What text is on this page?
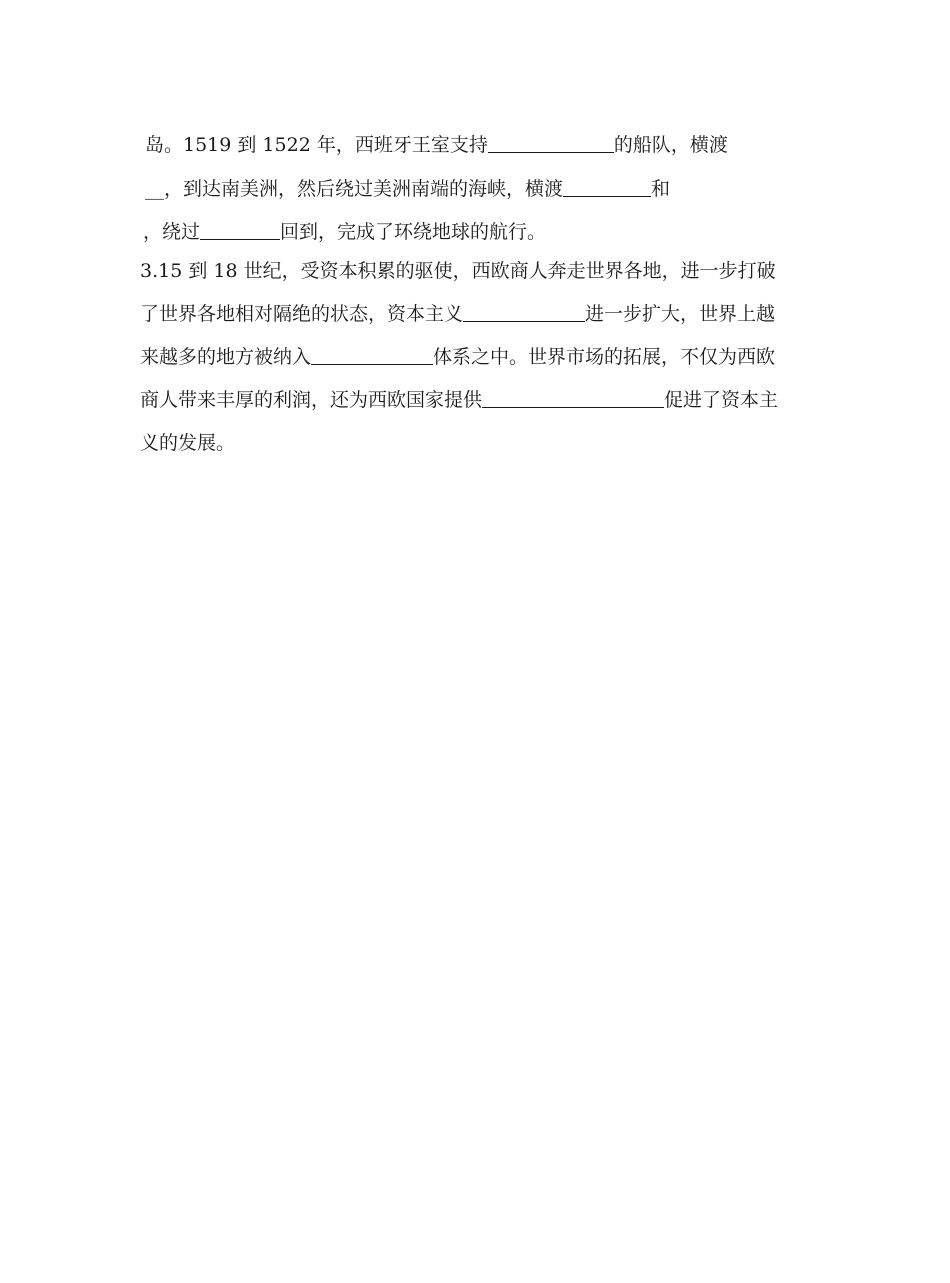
岛。1519 到 1522 年，西班牙王室支持	的船队，横渡
__，到达南美洲，然后绕过美洲南端的海峡，横渡	和
，绕过	回到，完成了环绕地球的航行。
3.15 到 18 世纪，受资本积累的驱使，西欧商人奔走世界各地，进一步打破
了世界各地相对隔绝的状态，资本主义	进一步扩大，世界上越
来越多的地方被纳入	体系之中。世界市场的拓展，不仅为西欧
商人带来丰厚的利润，还为西欧国家提供	促进了资本主
义的发展。
